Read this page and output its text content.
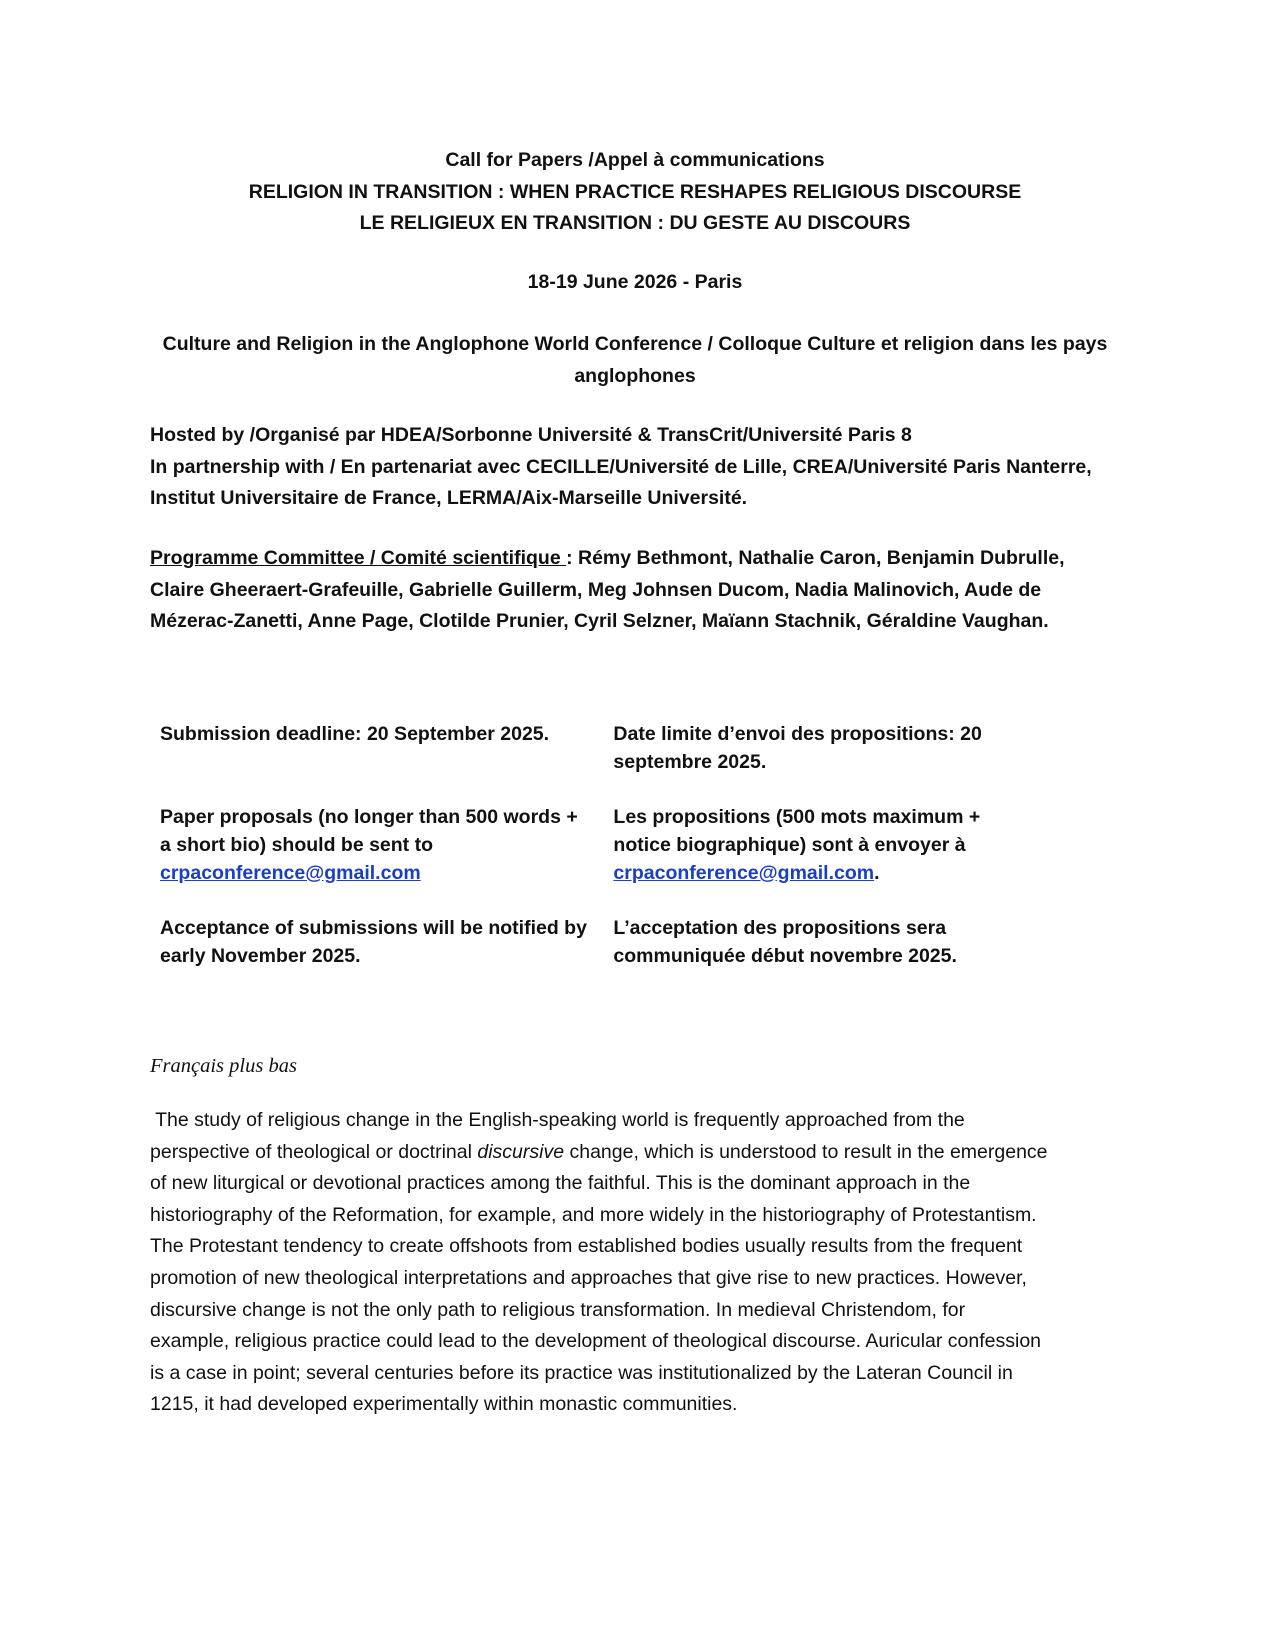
Call for Papers /Appel à communications
RELIGION IN TRANSITION : WHEN PRACTICE RESHAPES RELIGIOUS DISCOURSE
LE RELIGIEUX EN TRANSITION : DU GESTE AU DISCOURS
18-19 June 2026 - Paris
Culture and Religion in the Anglophone World Conference / Colloque Culture et religion dans les pays
anglophones
Hosted by /Organisé par HDEA/Sorbonne Université & TransCrit/Université Paris 8
In partnership with / En partenariat avec CECILLE/Université de Lille, CREA/Université Paris Nanterre,
Institut Universitaire de France, LERMA/Aix-Marseille Université.
Programme Committee / Comité scientifique : Rémy Bethmont, Nathalie Caron, Benjamin Dubrulle,
Claire Gheeraert-Grafeuille, Gabrielle Guillerm, Meg Johnsen Ducom, Nadia Malinovich, Aude de
Mézerac-Zanetti, Anne Page, Clotilde Prunier, Cyril Selzner, Maïann Stachnik, Géraldine Vaughan.
Submission deadline: 20 September 2025.	Date limite d’envoi des propositions: 20
septembre 2025.
Paper proposals (no longer than 500 words +
a short bio) should be sent to
crpaconference@gmail.com
Les propositions (500 mots maximum +
notice biographique) sont à envoyer à
crpaconference@gmail.com.
Acceptance of submissions will be notified by
early November 2025.
L’acceptation des propositions sera
communiquée début novembre 2025.
Français plus bas
The study of religious change in the English-speaking world is frequently approached from the
perspective of theological or doctrinal discursive change, which is understood to result in the emergence
of new liturgical or devotional practices among the faithful. This is the dominant approach in the
historiography of the Reformation, for example, and more widely in the historiography of Protestantism.
The Protestant tendency to create offshoots from established bodies usually results from the frequent
promotion of new theological interpretations and approaches that give rise to new practices. However,
discursive change is not the only path to religious transformation. In medieval Christendom, for
example, religious practice could lead to the development of theological discourse. Auricular confession
is a case in point; several centuries before its practice was institutionalized by the Lateran Council in
1215, it had developed experimentally within monastic communities.
